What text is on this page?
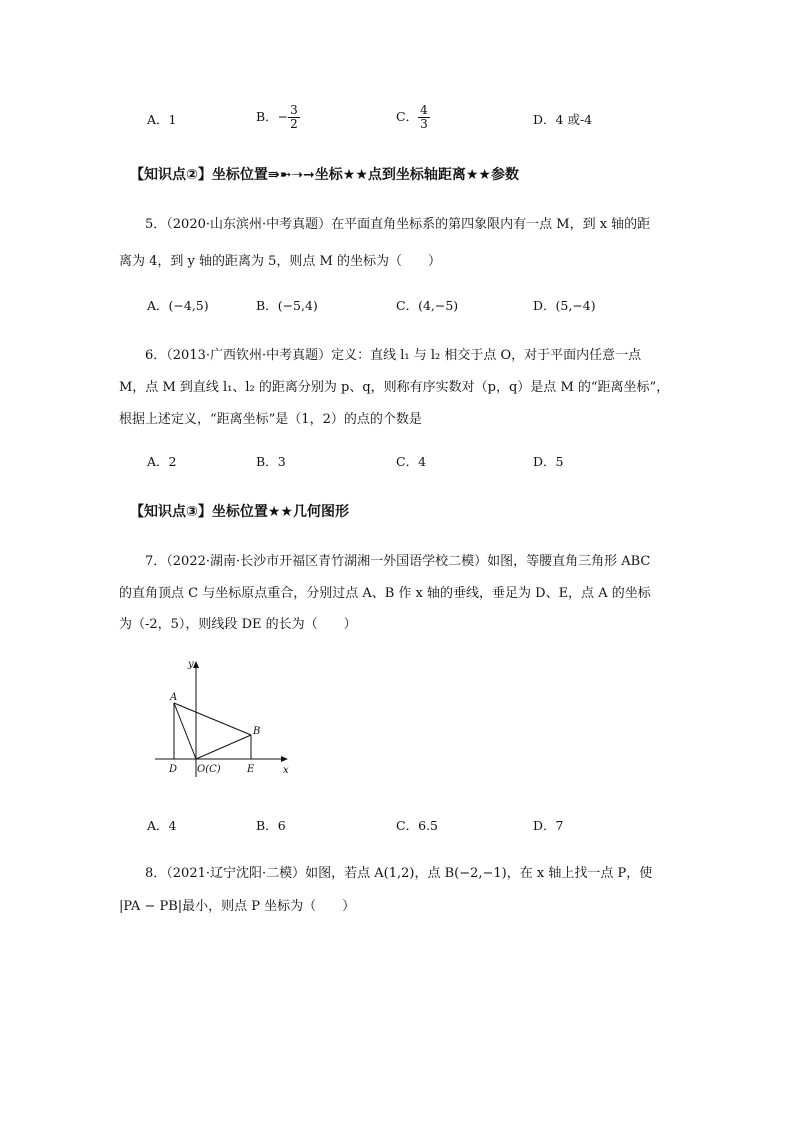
A．1	B．− $\frac{3}{2}$	C． $\frac{4}{3}$	D．4 或-4
【知识点②】坐标位置⇛➼➝➞坐标★★点到坐标轴距离★★参数
5．（2020·山东滨州·中考真题）在平面直角坐标系的第四象限内有一点 M，到 x 轴的距
离为 4，到 y 轴的距离为 5，则点 M 的坐标为（　　）
A．(−4,5)	B．(−5,4)	C．(4,−5)	D．(5,−4)
6．（2013·广西钦州·中考真题）定义：直线 l₁ 与 l₂ 相交于点 O，对于平面内任意一点
M，点 M 到直线 l₁、l₂ 的距离分别为 p、q，则称有序实数对（p，q）是点 M 的“距离坐标”，
根据上述定义，“距离坐标”是（1，2）的点的个数是
A．2	B．3	C．4	D．5
【知识点③】坐标位置★★几何图形
7．（2022·湖南·长沙市开福区青竹湖湘一外国语学校二模）如图，等腰直角三角形 ABC
的直角顶点 C 与坐标原点重合，分别过点 A、B 作 x 轴的垂线，垂足为 D、E，点 A 的坐标
为（-2，5），则线段 DE 的长为（　　）
y
x
A
B
D O(C)	E
A．4	B．6	C．6.5	D．7
8．（2021·辽宁沈阳·二模）如图，若点 A(1,2)，点 B(−2,−1)，在 x 轴上找一点 P，使
|PA − PB|最小，则点 P 坐标为（　　）
